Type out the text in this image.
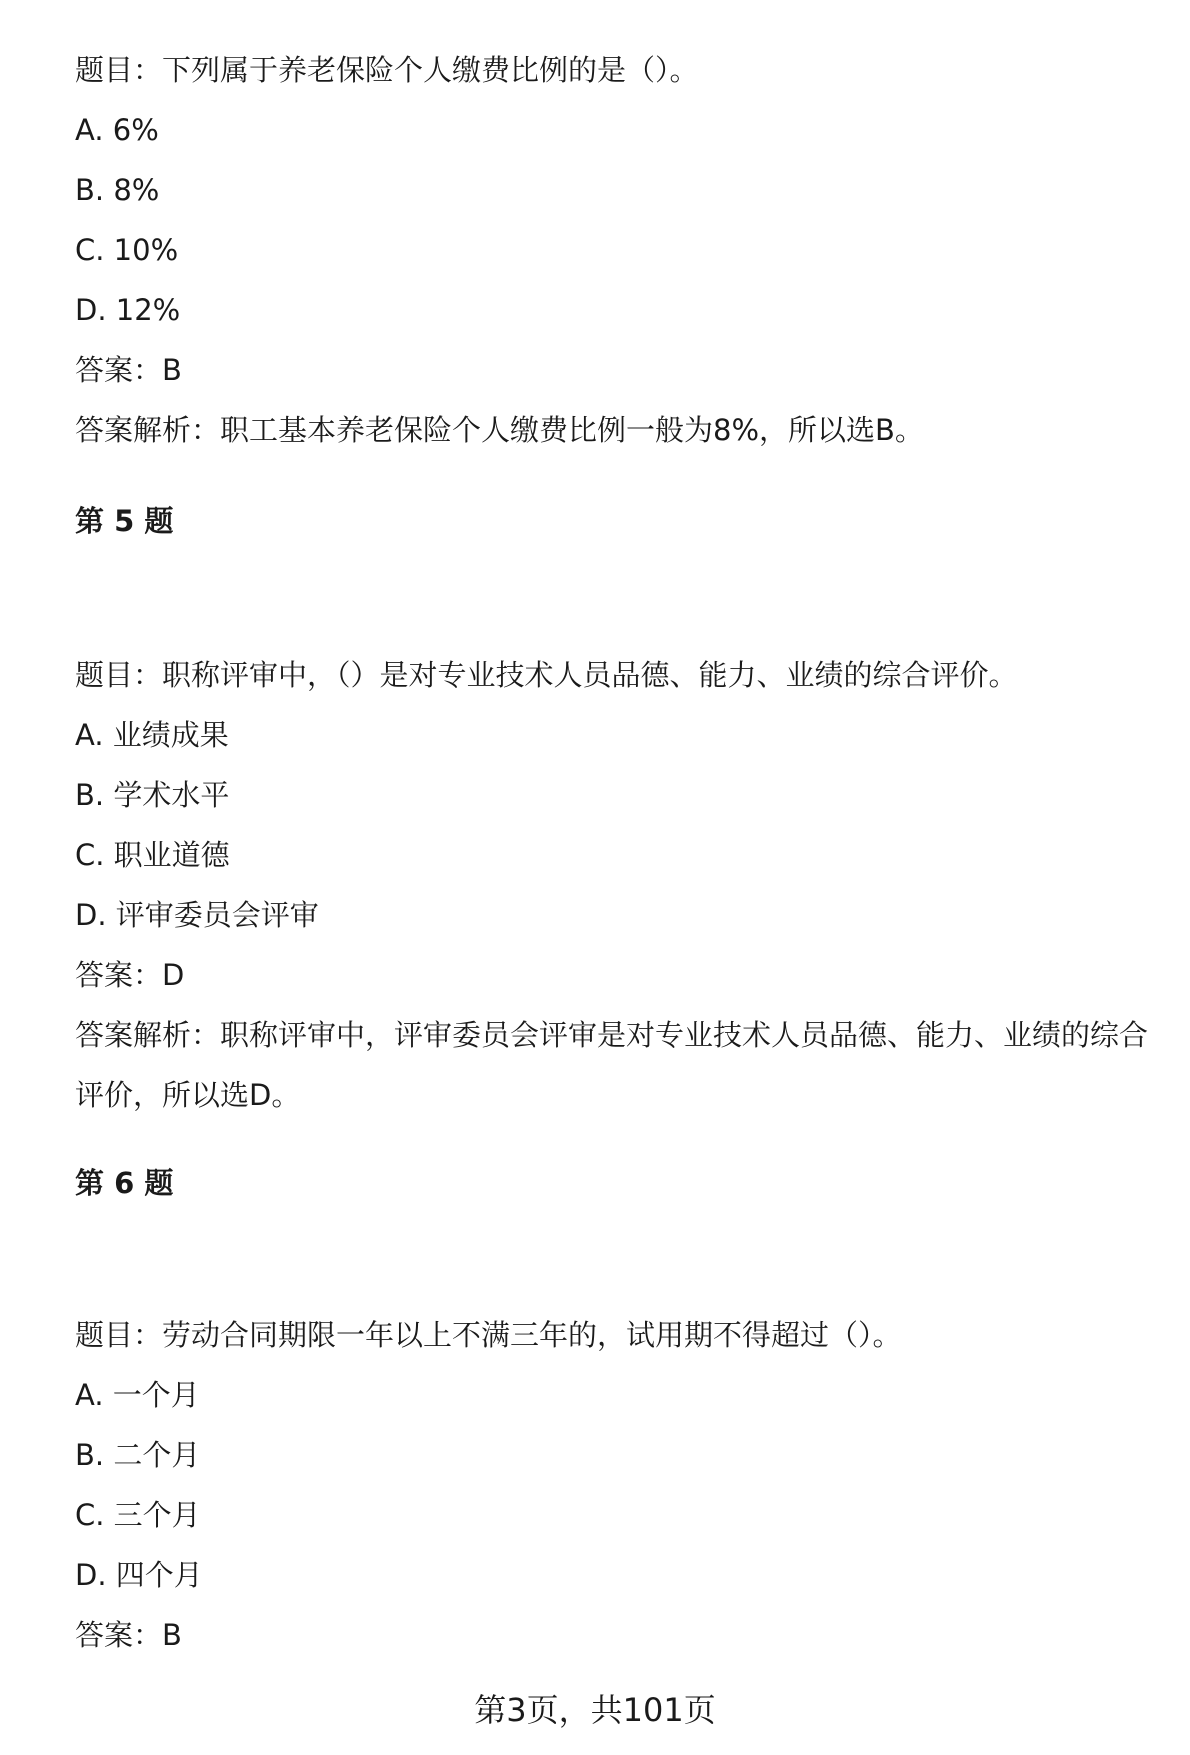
题目：下列属于养老保险个人缴费比例的是（）。
A. 6%
B. 8%
C. 10%
D. 12%
答案：B
答案解析：职工基本养老保险个人缴费比例一般为8%，所以选B。
第 5 题
题目：职称评审中，（）是对专业技术人员品德、能力、业绩的综合评价。
A. 业绩成果
B. 学术水平
C. 职业道德
D. 评审委员会评审
答案：D
答案解析：职称评审中，评审委员会评审是对专业技术人员品德、能力、业绩的综合评价，所以选D。
第 6 题
题目：劳动合同期限一年以上不满三年的，试用期不得超过（）。
A. 一个月
B. 二个月
C. 三个月
D. 四个月
答案：B
第3页，共101页
